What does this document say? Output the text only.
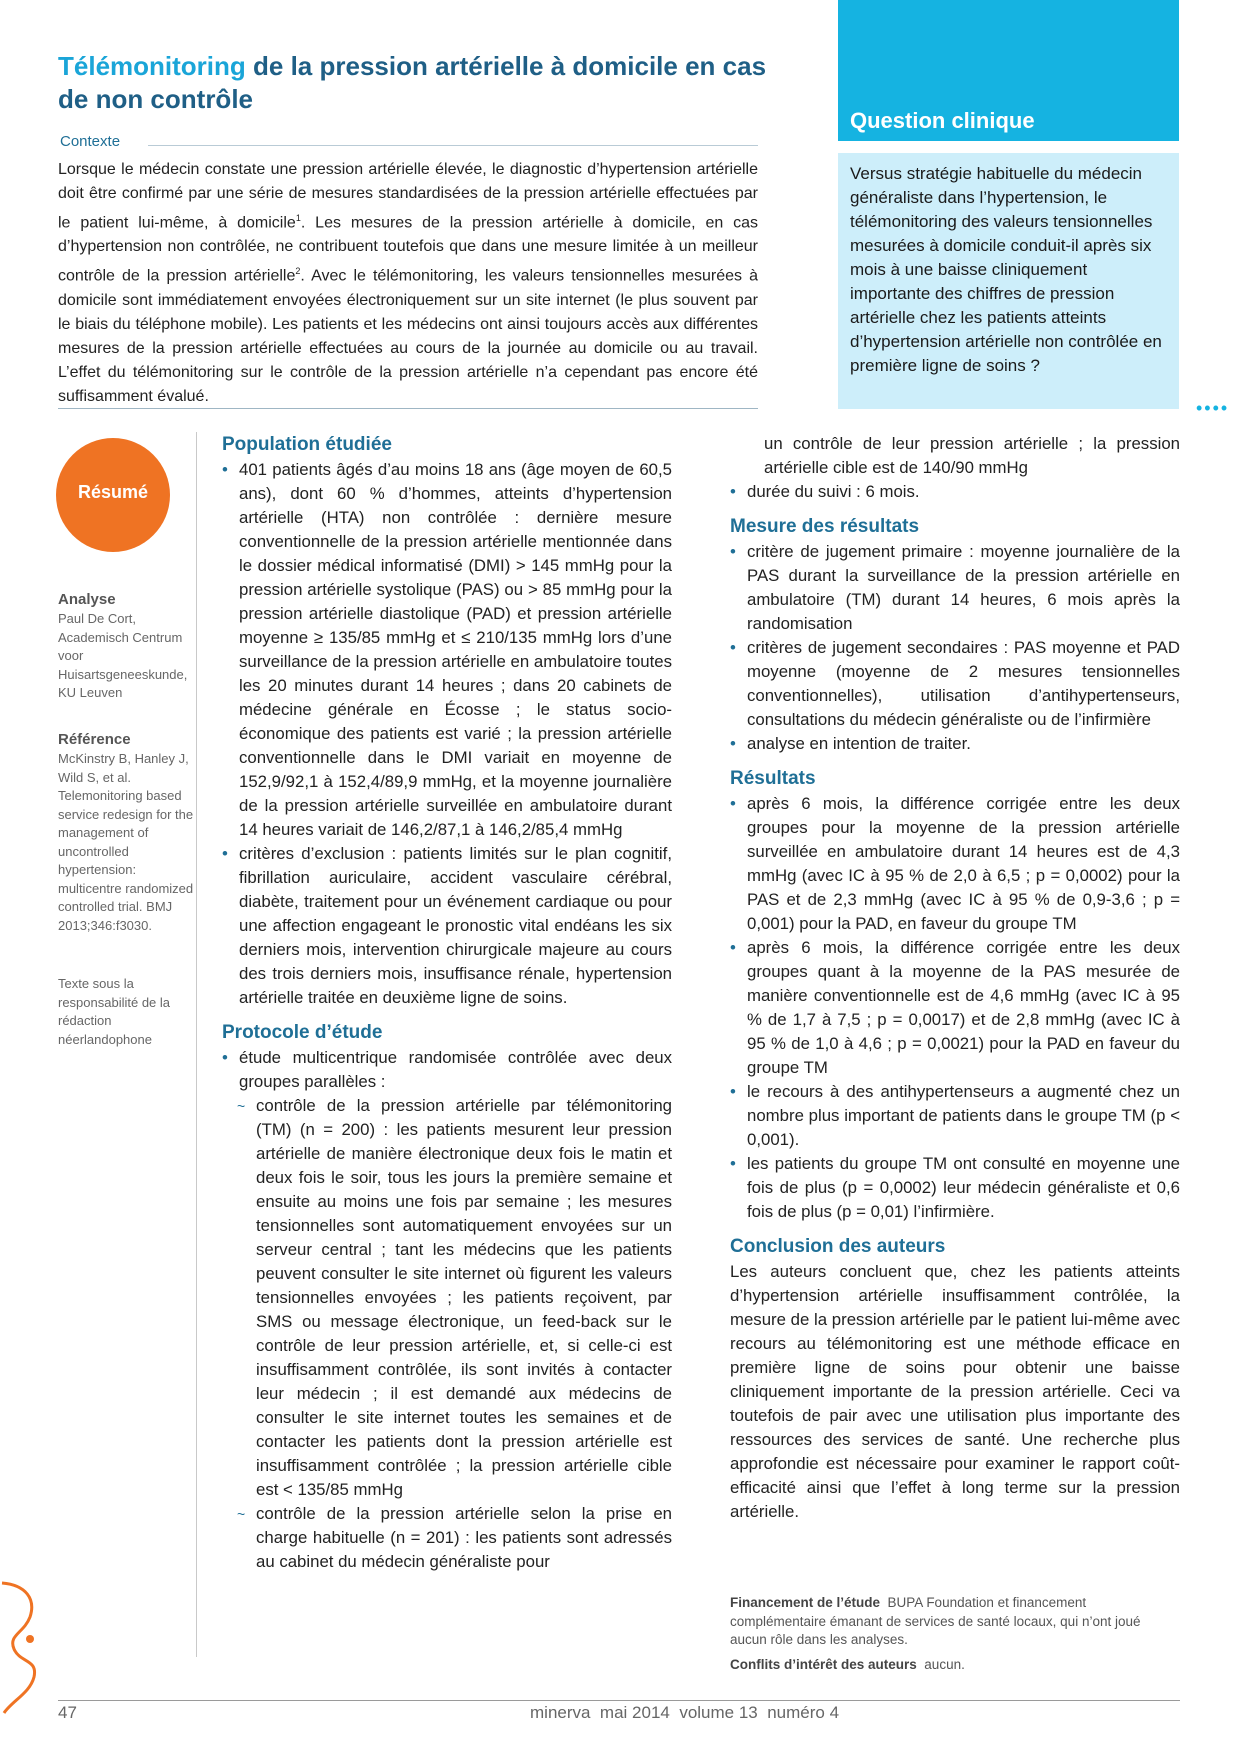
Télémonitoring de la pression artérielle à domicile en cas de non contrôle
Contexte
Lorsque le médecin constate une pression artérielle élevée, le diagnostic d’hypertension artérielle doit être confirmé par une série de mesures standardisées de la pression artérielle effectuées par le patient lui-même, à domicile$^1$. Les mesures de la pression artérielle à domicile, en cas d’hypertension non contrôlée, ne contribuent toutefois que dans une mesure limitée à un meilleur contrôle de la pression artérielle$^2$. Avec le télémonitoring, les valeurs tensionnelles mesurées à domicile sont immédiatement envoyées électroniquement sur un site internet (le plus souvent par le biais du téléphone mobile). Les patients et les médecins ont ainsi toujours accès aux différentes mesures de la pression artérielle effectuées au cours de la journée au domicile ou au travail. L’effet du télémonitoring sur le contrôle de la pression artérielle n’a cependant pas encore été suffisamment évalué.
Question clinique
Versus stratégie habituelle du médecin généraliste dans l’hypertension, le télémonitoring des valeurs tensionnelles mesurées à domicile conduit-il après six mois à une baisse cliniquement importante des chiffres de pression artérielle chez les patients atteints d’hypertension artérielle non contrôlée en première ligne de soins ?
••••
Résumé
Analyse
Paul De Cort, Academisch Centrum voor Huisartsgeneeskunde, KU Leuven
Référence
McKinstry B, Hanley J, Wild S, et al. Telemonitoring based service redesign for the management of uncontrolled hypertension: multicentre randomized controlled trial. BMJ 2013;346:f3030.
Texte sous la responsabilité de la rédaction néerlandophone
Population étudiée
• 401 patients âgés d’au moins 18 ans (âge moyen de 60,5 ans), dont 60 % d’hommes, atteints d’hypertension artérielle (HTA) non contrôlée : dernière mesure conventionnelle de la pression artérielle mentionnée dans le dossier médical informatisé (DMI) > 145 mmHg pour la pression artérielle systolique (PAS) ou > 85 mmHg pour la pression artérielle diastolique (PAD) et pression artérielle moyenne ≥ 135/85 mmHg et ≤ 210/135 mmHg lors d’une surveillance de la pression artérielle en ambulatoire toutes les 20 minutes durant 14 heures ; dans 20 cabinets de médecine générale en Écosse ; le status socio-économique des patients est varié ; la pression artérielle conventionnelle dans le DMI variait en moyenne de 152,9/92,1 à 152,4/89,9 mmHg, et la moyenne journalière de la pression artérielle surveillée en ambulatoire durant 14 heures variait de 146,2/87,1 à 146,2/85,4 mmHg
• critères d’exclusion : patients limités sur le plan cognitif, fibrillation auriculaire, accident vasculaire cérébral, diabète, traitement pour un événement cardiaque ou pour une affection engageant le pronostic vital endéans les six derniers mois, intervention chirurgicale majeure au cours des trois derniers mois, insuffisance rénale, hypertension artérielle traitée en deuxième ligne de soins.
Protocole d’étude
• étude multicentrique randomisée contrôlée avec deux groupes parallèles :
~ contrôle de la pression artérielle par télémonitoring (TM) (n = 200) : les patients mesurent leur pression artérielle de manière électronique deux fois le matin et deux fois le soir, tous les jours la première semaine et ensuite au moins une fois par semaine ; les mesures tensionnelles sont automatiquement envoyées sur un serveur central ; tant les médecins que les patients peuvent consulter le site internet où figurent les valeurs tensionnelles envoyées ; les patients reçoivent, par SMS ou message électronique, un feed-back sur le contrôle de leur pression artérielle, et, si celle-ci est insuffisamment contrôlée, ils sont invités à contacter leur médecin ; il est demandé aux médecins de consulter le site internet toutes les semaines et de contacter les patients dont la pression artérielle est insuffisamment contrôlée ; la pression artérielle cible est < 135/85 mmHg
~ contrôle de la pression artérielle selon la prise en charge habituelle (n = 201) : les patients sont adressés au cabinet du médecin généraliste pour
un contrôle de leur pression artérielle ; la pression artérielle cible est de 140/90 mmHg
• durée du suivi : 6 mois.
Mesure des résultats
• critère de jugement primaire : moyenne journalière de la PAS durant la surveillance de la pression artérielle en ambulatoire (TM) durant 14 heures, 6 mois après la randomisation
• critères de jugement secondaires : PAS moyenne et PAD moyenne (moyenne de 2 mesures tensionnelles conventionnelles), utilisation d’antihypertenseurs, consultations du médecin généraliste ou de l’infirmière
• analyse en intention de traiter.
Résultats
• après 6 mois, la différence corrigée entre les deux groupes pour la moyenne de la pression artérielle surveillée en ambulatoire durant 14 heures est de 4,3 mmHg (avec IC à 95 % de 2,0 à 6,5 ; p = 0,0002) pour la PAS et de 2,3 mmHg (avec IC à 95 % de 0,9-3,6 ; p = 0,001) pour la PAD, en faveur du groupe TM
• après 6 mois, la différence corrigée entre les deux groupes quant à la moyenne de la PAS mesurée de manière conventionnelle est de 4,6 mmHg (avec IC à 95 % de 1,7 à 7,5 ; p = 0,0017) et de 2,8 mmHg (avec IC à 95 % de 1,0 à 4,6 ; p = 0,0021) pour la PAD en faveur du groupe TM
• le recours à des antihypertenseurs a augmenté chez un nombre plus important de patients dans le groupe TM (p < 0,001).
• les patients du groupe TM ont consulté en moyenne une fois de plus (p = 0,0002) leur médecin généraliste et 0,6 fois de plus (p = 0,01) l’infirmière.
Conclusion des auteurs
Les auteurs concluent que, chez les patients atteints d’hypertension artérielle insuffisamment contrôlée, la mesure de la pression artérielle par le patient lui-même avec recours au télémonitoring est une méthode efficace en première ligne de soins pour obtenir une baisse cliniquement importante de la pression artérielle. Ceci va toutefois de pair avec une utilisation plus importante des ressources des services de santé. Une recherche plus approfondie est nécessaire pour examiner le rapport coût-efficacité ainsi que l’effet à long terme sur la pression artérielle.
Financement de l’étude BUPA Foundation et financement complémentaire émanant de services de santé locaux, qui n’ont joué aucun rôle dans les analyses.
Conflits d’intérêt des auteurs aucun.
47	minerva mai 2014 volume 13 numéro 4
